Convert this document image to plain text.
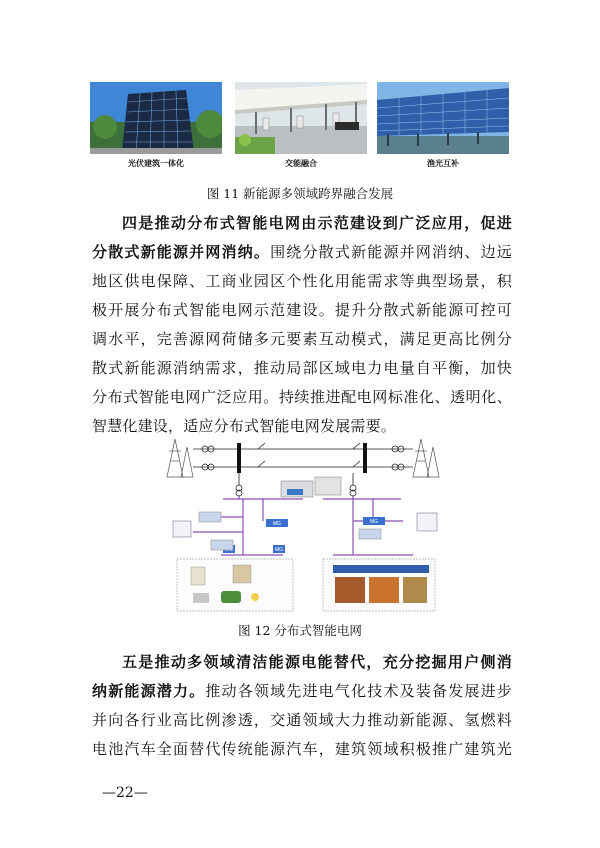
光伏建筑一体化	交能融合	渔光互补
图 11 新能源多领域跨界融合发展
四是推动分布式智能电网由示范建设到广泛应用，促进
分散式新能源并网消纳。围绕分散式新能源并网消纳、边远
地区供电保障、工商业园区个性化用能需求等典型场景，积
极开展分布式智能电网示范建设。提升分散式新能源可控可
调水平，完善源网荷储多元要素互动模式，满足更高比例分
散式新能源消纳需求，推动局部区域电力电量自平衡，加快
分布式智能电网广泛应用。持续推进配电网标准化、透明化、
智慧化建设，适应分布式智能电网发展需要。
MG	MG
MG
图 12 分布式智能电网
五是推动多领域清洁能源电能替代，充分挖掘用户侧消
纳新能源潜力。推动各领域先进电气化技术及装备发展进步
并向各行业高比例渗透，交通领域大力推动新能源、氢燃料
电池汽车全面替代传统能源汽车，建筑领域积极推广建筑光
—22—
